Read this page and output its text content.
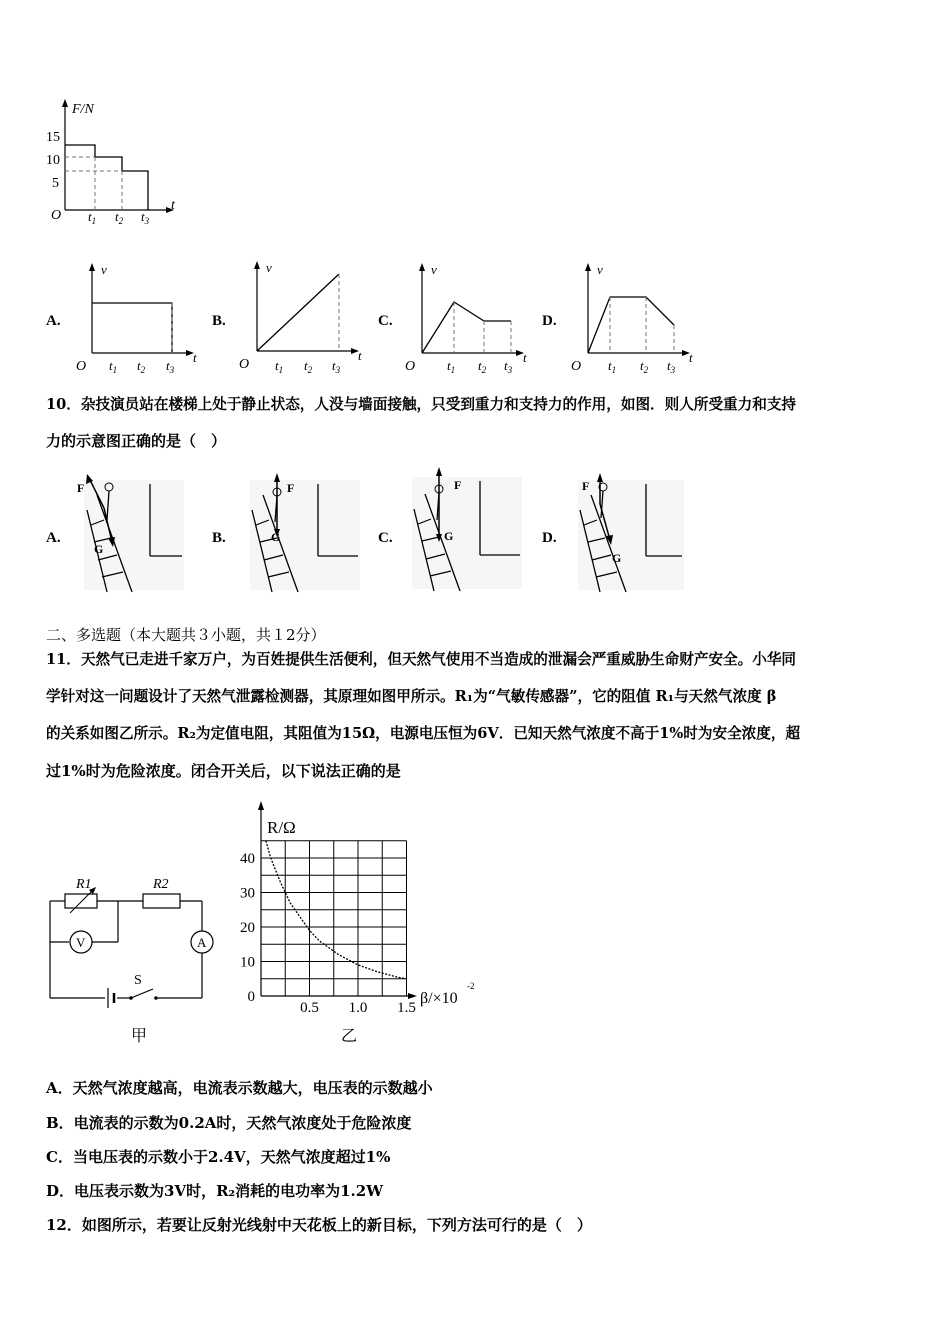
F/N
t
O
15
10
5
$t_1$ $t_2$ $t_3$
A.
v
t
O $t_1$ $t_2$ $t_3$
B.
v
t
O $t_1$ $t_2$ $t_3$
C.
v
t
O $t_1$ $t_2$ $t_3$
D.
v
t
O $t_1$ $t_2$ $t_3$
10．杂技演员站在楼梯上处于静止状态，人没与墙面接触，只受到重力和支持力的作用，如图．则人所受重力和支持
力的示意图正确的是（　）
A.
F
G
B.
F
G	C.
F
G	D.
F
G
二、多选题（本大题共３小题，共１2分）
11．天然气已走进千家万户，为百姓提供生活便利，但天然气使用不当造成的泄漏会严重威胁生命财产安全。小华同
学针对这一问题设计了天然气泄露检测器，其原理如图甲所示。R₁为“气敏传感器”，它的阻值 R₁与天然气浓度 β
的关系如图乙所示。R₂为定值电阻，其阻值为15Ω，电源电压恒为6V．已知天然气浓度不高于1%时为安全浓度，超
过1%时为危险浓度。闭合开关后，以下说法正确的是
R1	R2
V	A
S
甲
R/Ω
β/×10
-2
0
10
20
30
40
0.5 1.0 1.5
乙
A．天然气浓度越高，电流表示数越大，电压表的示数越小
B．电流表的示数为0.2A时，天然气浓度处于危险浓度
C．当电压表的示数小于2.4V，天然气浓度超过1%
D．电压表示数为3V时，R₂消耗的电功率为1.2W
12．如图所示，若要让反射光线射中天花板上的新目标，下列方法可行的是（　）
